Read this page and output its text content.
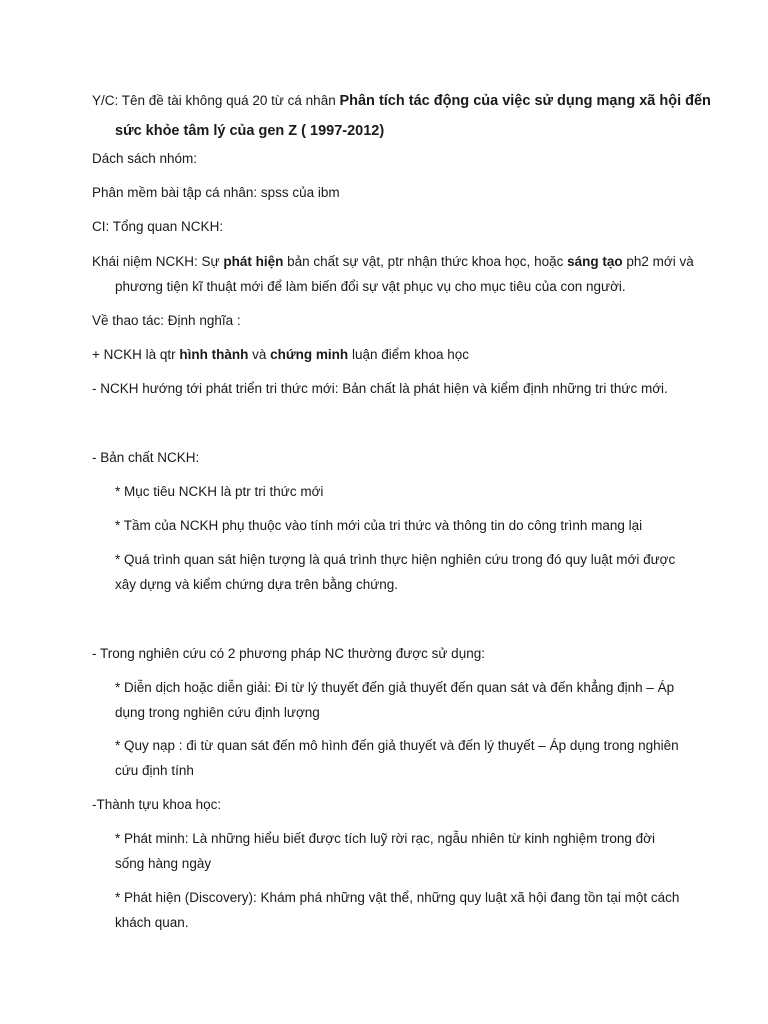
Y/C: Tên đề tài không quá 20 từ cá nhân Phân tích tác động của việc sử dụng mạng xã hội đến sức khỏe tâm lý của gen Z ( 1997-2012)

Dách sách nhóm:

Phân mềm bài tập cá nhân: spss của ibm

CI: Tổng quan NCKH:

Khái niệm NCKH: Sự phát hiện bản chất sự vật, ptr nhận thức khoa học, hoặc sáng tạo ph2 mới và phương tiện kĩ thuật mới để làm biến đổi sự vật phục vụ cho mục tiêu của con người.

Về thao tác: Định nghĩa :

+ NCKH là qtr hình thành và chứng minh luận điểm khoa học

- NCKH hướng tới phát triển tri thức mới: Bản chất là phát hiện và kiểm định những tri thức mới.

- Bản chất NCKH:

* Mục tiêu NCKH là ptr tri thức mới

* Tầm của NCKH phụ thuộc vào tính mới của tri thức và thông tin do công trình mang lại

* Quá trình quan sát hiện tượng là quá trình thực hiện nghiên cứu trong đó quy luật mới được xây dựng và kiểm chứng dựa trên bằng chứng.

- Trong nghiên cứu có 2 phương pháp NC thường được sử dụng:

* Diễn dịch hoặc diễn giải: Đi từ lý thuyết đến giả thuyết đến quan sát và đến khẳng định – Áp dụng trong nghiên cứu định lượng

* Quy nạp : đi từ quan sát đến mô hình đến giả thuyết và đến lý thuyết – Áp dụng trong nghiên cứu định tính

-Thành tựu khoa học:

* Phát minh: Là những hiểu biết được tích luỹ rời rạc, ngẫu nhiên từ kinh nghiệm trong đời sống hàng ngày

* Phát hiện (Discovery): Khám phá những vật thể, những quy luật xã hội đang tồn tại một cách khách quan.
